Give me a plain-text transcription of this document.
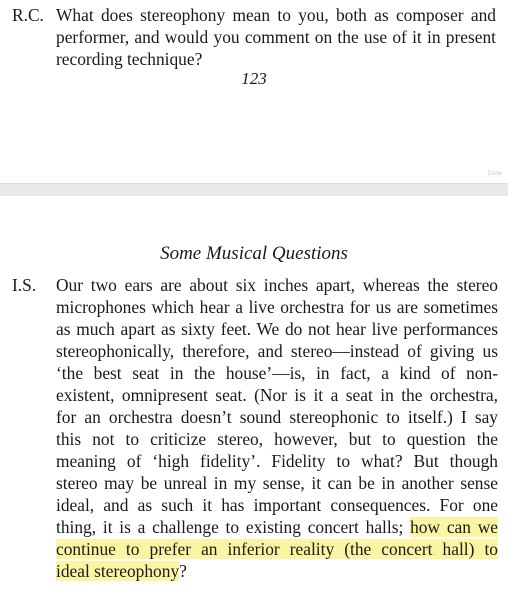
R.C. What does stereophony mean to you, both as composer and
performer, and would you comment on the use of it in present
recording technique?
123
Done
Some Musical Questions
I.S. Our two ears are about six inches apart, whereas the stereo
microphones which hear a live orchestra for us are sometimes
as much apart as sixty feet. We do not hear live performances
stereophonically, therefore, and stereo—instead of giving us
‘the best seat in the house’—is, in fact, a kind of non-
existent, omnipresent seat. (Nor is it a seat in the orchestra,
for an orchestra doesn’t sound stereophonic to itself.) I say
this not to criticize stereo, however, but to question the
meaning of ‘high fidelity’. Fidelity to what? But though
stereo may be unreal in my sense, it can be in another sense
ideal, and as such it has important consequences. For one
thing, it is a challenge to existing concert halls; how can we
continue to prefer an inferior reality (the concert hall) to
ideal stereophony?
